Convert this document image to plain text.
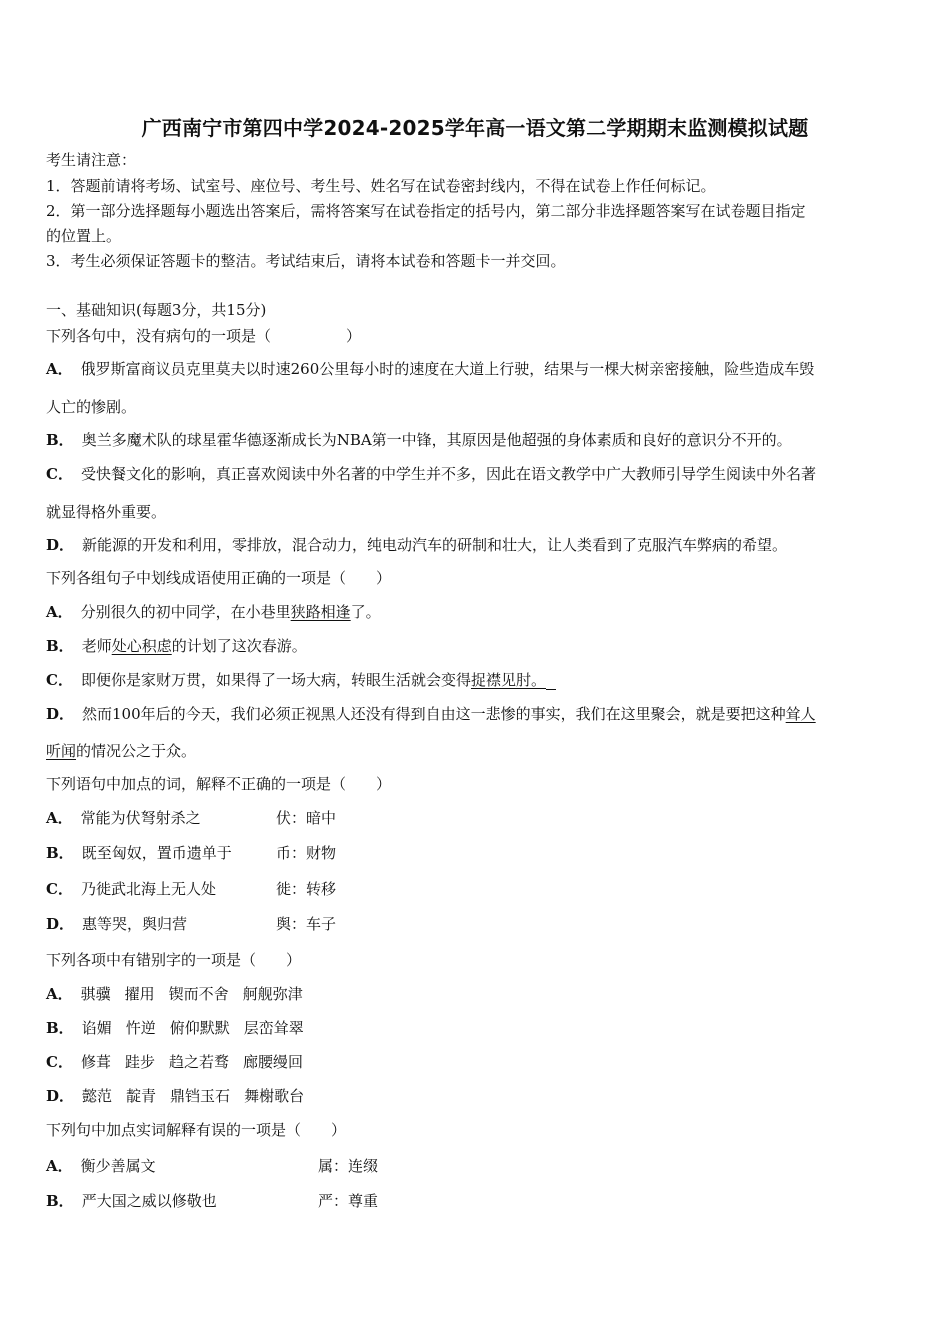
广西南宁市第四中学2024-2025学年高一语文第二学期期末监测模拟试题
考生请注意：
1．答题前请将考场、试室号、座位号、考生号、姓名写在试卷密封线内，不得在试卷上作任何标记。
2．第一部分选择题每小题选出答案后，需将答案写在试卷指定的括号内，第二部分非选择题答案写在试卷题目指定
的位置上。
3．考生必须保证答题卡的整洁。考试结束后，请将本试卷和答题卡一并交回。
一、基础知识(每题3分，共15分)
下列各句中，没有病句的一项是（　　　　　）
A． 俄罗斯富商议员克里莫夫以时速260公里每小时的速度在大道上行驶，结果与一棵大树亲密接触，险些造成车毁
人亡的惨剧。
B． 奥兰多魔术队的球星霍华德逐渐成长为NBA第一中锋，其原因是他超强的身体素质和良好的意识分不开的。
C． 受快餐文化的影响，真正喜欢阅读中外名著的中学生并不多，因此在语文教学中广大教师引导学生阅读中外名著
就显得格外重要。
D． 新能源的开发和利用，零排放，混合动力，纯电动汽车的研制和壮大，让人类看到了克服汽车弊病的希望。
下列各组句子中划线成语使用正确的一项是（　　）
A． 分别很久的初中同学，在小巷里狭路相逢了。
B． 老师处心积虑的计划了这次春游。
C． 即便你是家财万贯，如果得了一场大病，转眼生活就会变得捉襟见肘。
D． 然而100年后的今天，我们必须正视黑人还没有得到自由这一悲惨的事实，我们在这里聚会，就是要把这种耸人
听闻的情况公之于众。
下列语句中加点的词，解释不正确的一项是（　　）
A． 常能为伏弩射杀之	伏：暗中
B． 既至匈奴，置币遗单于	币：财物
C． 乃徙武北海上无人处	徙：转移
D． 惠等哭，舆归营	舆：车子
下列各项中有错别字的一项是（　　）
A． 骐骥 擢用 锲而不舍 舸舰弥津
B． 谄媚 忤逆 俯仰默默 层峦耸翠
C． 修葺 跬步 趋之若骛 廊腰缦回
D． 懿范 靛青 鼎铛玉石 舞榭歌台
下列句中加点实词解释有误的一项是（　　）
A． 衡少善属文	属：连缀
B． 严大国之威以修敬也	严：尊重
